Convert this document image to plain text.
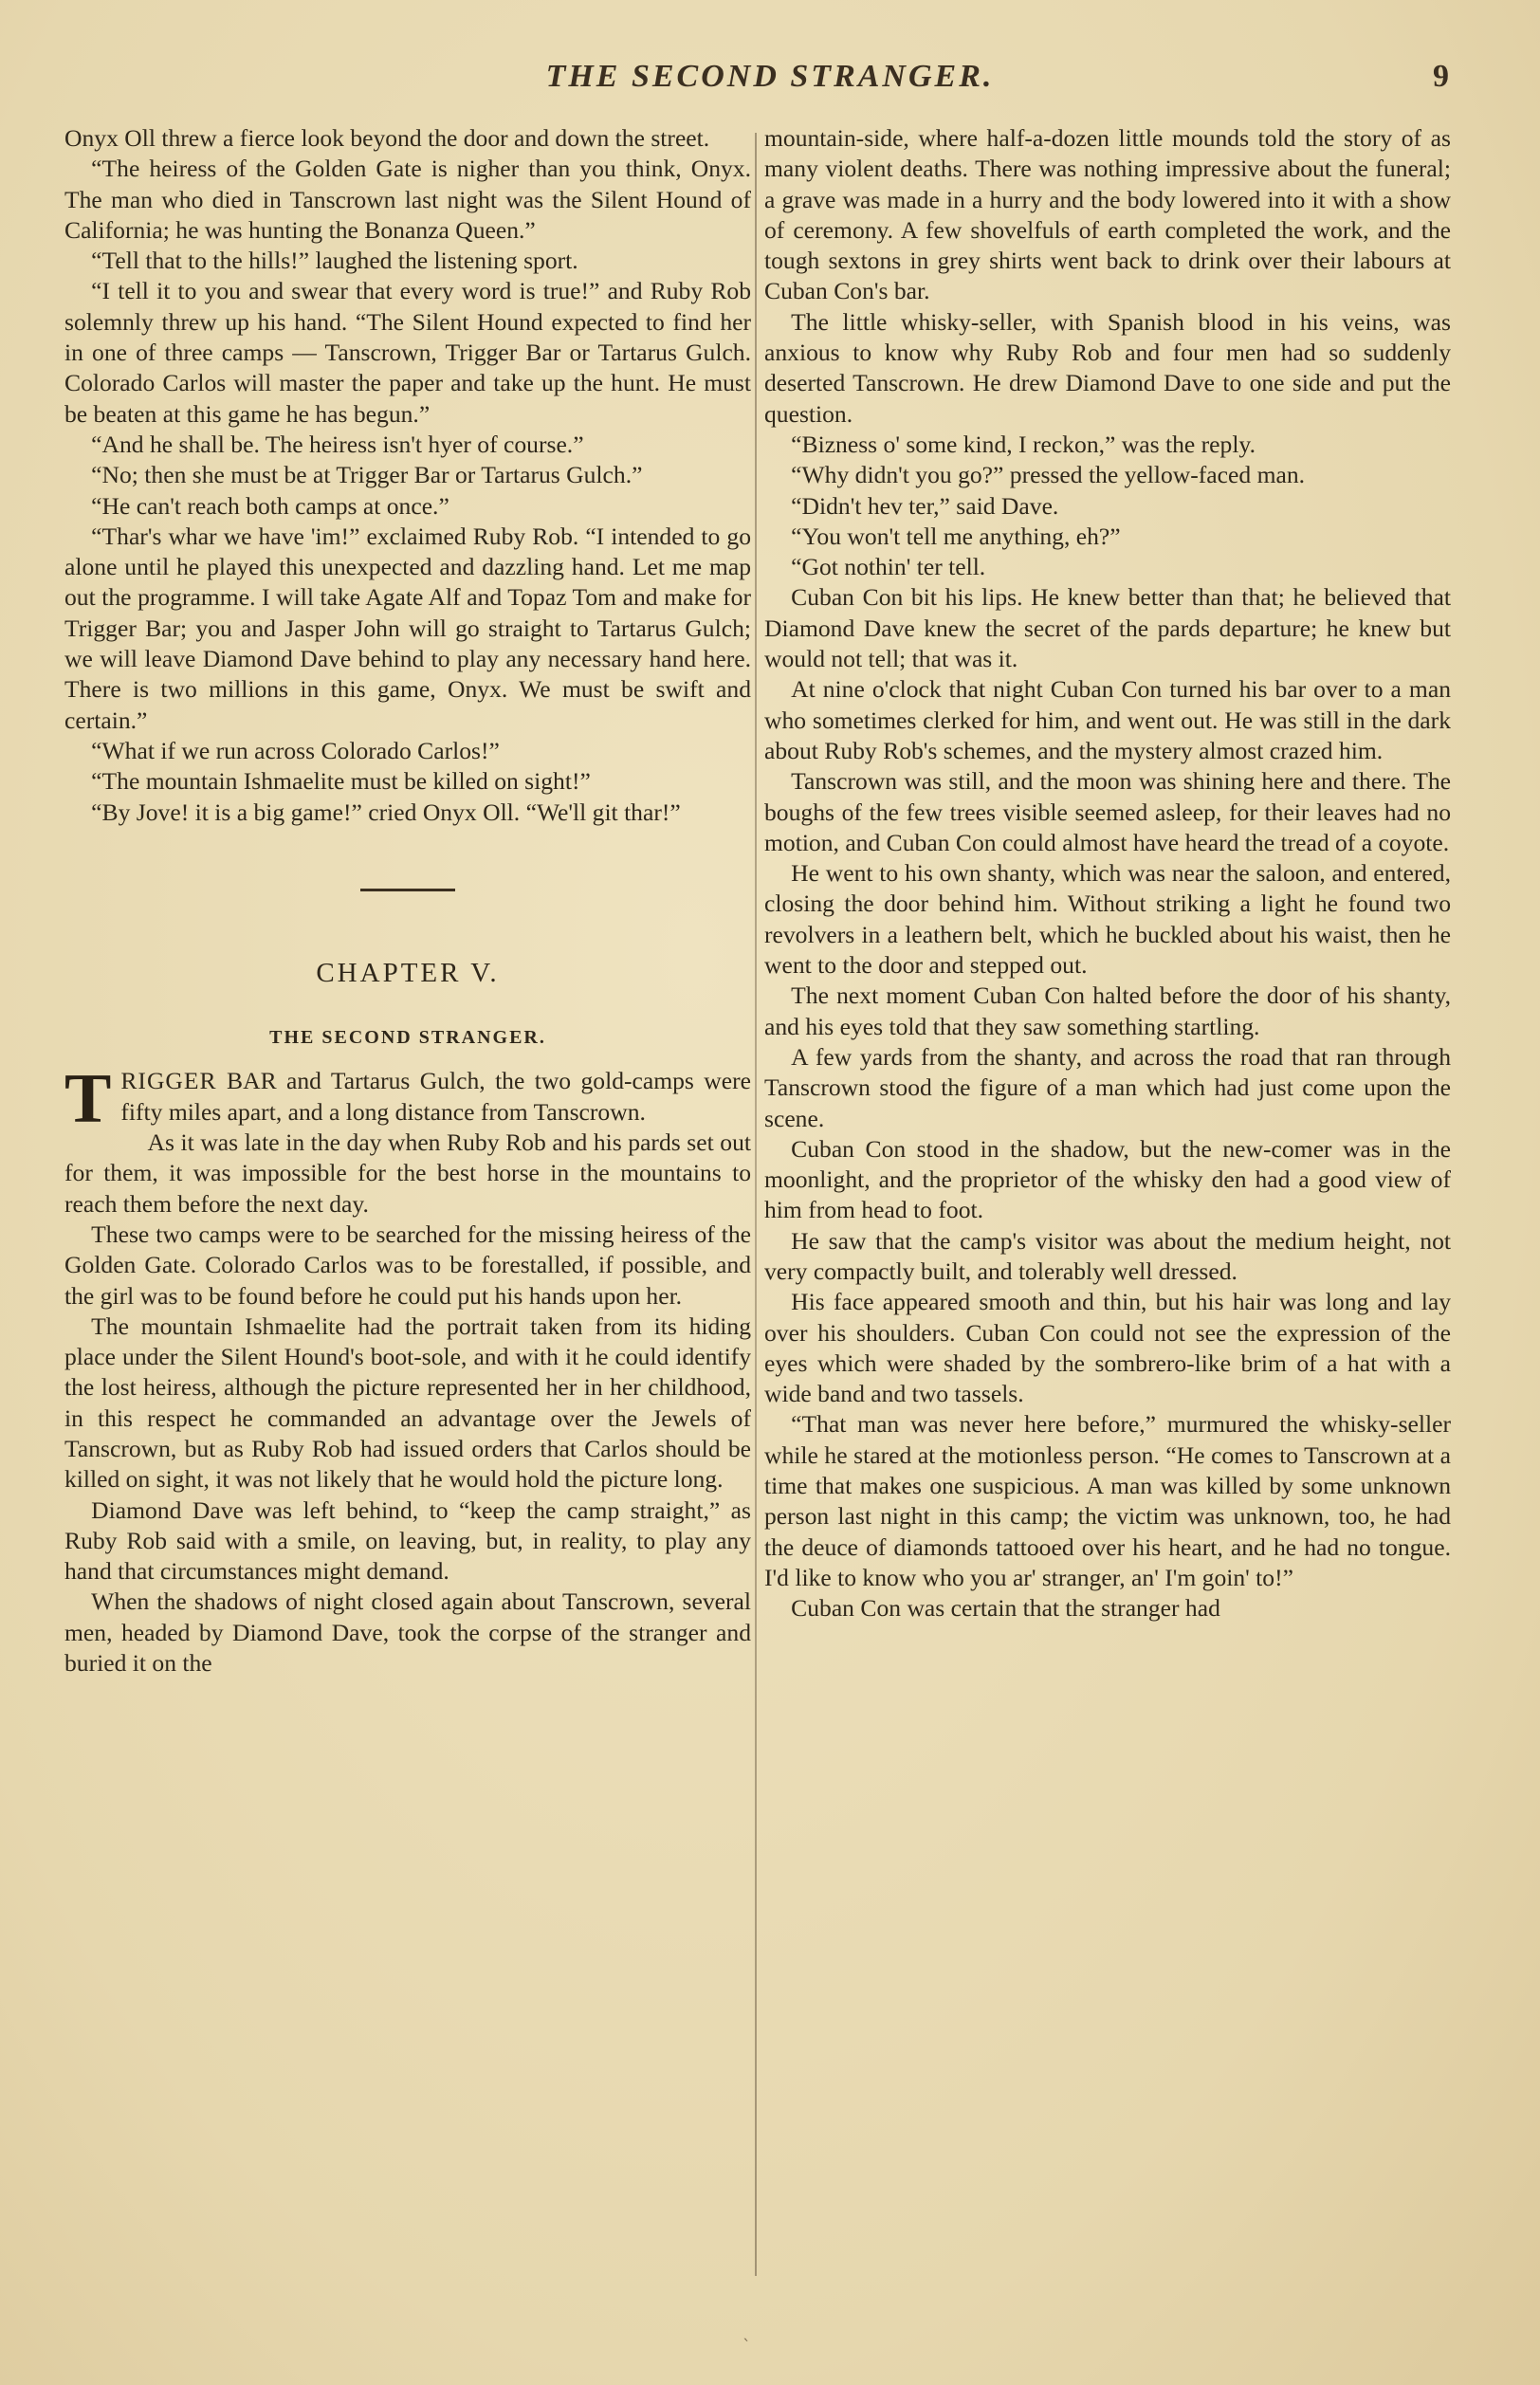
THE SECOND STRANGER.	9

Onyx Oll threw a fierce look beyond the door and down the street.

“The heiress of the Golden Gate is nigher than you think, Onyx. The man who died in Tanscrown last night was the Silent Hound of California; he was hunting the Bonanza Queen.”

“Tell that to the hills!” laughed the listening sport.

“I tell it to you and swear that every word is true!” and Ruby Rob solemnly threw up his hand. “The Silent Hound expected to find her in one of three camps — Tanscrown, Trigger Bar or Tartarus Gulch. Colorado Carlos will master the paper and take up the hunt. He must be beaten at this game he has begun.”

“And he shall be. The heiress isn't hyer of course.”

“No; then she must be at Trigger Bar or Tartarus Gulch.”

“He can't reach both camps at once.”

“Thar's whar we have 'im!” exclaimed Ruby Rob. “I intended to go alone until he played this unexpected and dazzling hand. Let me map out the programme. I will take Agate Alf and Topaz Tom and make for Trigger Bar; you and Jasper John will go straight to Tartarus Gulch; we will leave Diamond Dave behind to play any necessary hand here. There is two millions in this game, Onyx. We must be swift and certain.”

“What if we run across Colorado Carlos!”

“The mountain Ishmaelite must be killed on sight!”

“By Jove! it is a big game!” cried Onyx Oll. “We'll git thar!”

CHAPTER V.
THE SECOND STRANGER.

TRIGGER BAR and Tartarus Gulch, the two gold-camps were fifty miles apart, and a long distance from Tanscrown.

As it was late in the day when Ruby Rob and his pards set out for them, it was impossible for the best horse in the mountains to reach them before the next day.

These two camps were to be searched for the missing heiress of the Golden Gate. Colorado Carlos was to be forestalled, if possible, and the girl was to be found before he could put his hands upon her.

The mountain Ishmaelite had the portrait taken from its hiding place under the Silent Hound's boot-sole, and with it he could identify the lost heiress, although the picture represented her in her childhood, in this respect he commanded an advantage over the Jewels of Tanscrown, but as Ruby Rob had issued orders that Carlos should be killed on sight, it was not likely that he would hold the picture long.

Diamond Dave was left behind, to “keep the camp straight,” as Ruby Rob said with a smile, on leaving, but, in reality, to play any hand that circumstances might demand.

When the shadows of night closed again about Tanscrown, several men, headed by Diamond Dave, took the corpse of the stranger and buried it on the

mountain-side, where half-a-dozen little mounds told the story of as many violent deaths. There was nothing impressive about the funeral; a grave was made in a hurry and the body lowered into it with a show of ceremony. A few shovelfuls of earth completed the work, and the tough sextons in grey shirts went back to drink over their labours at Cuban Con's bar.

The little whisky-seller, with Spanish blood in his veins, was anxious to know why Ruby Rob and four men had so suddenly deserted Tanscrown. He drew Diamond Dave to one side and put the question.

“Bizness o' some kind, I reckon,” was the reply.

“Why didn't you go?” pressed the yellow-faced man.

“Didn't hev ter,” said Dave.

“You won't tell me anything, eh?”

“Got nothin' ter tell.

Cuban Con bit his lips. He knew better than that; he believed that Diamond Dave knew the secret of the pards departure; he knew but would not tell; that was it.

At nine o'clock that night Cuban Con turned his bar over to a man who sometimes clerked for him, and went out. He was still in the dark about Ruby Rob's schemes, and the mystery almost crazed him.

Tanscrown was still, and the moon was shining here and there. The boughs of the few trees visible seemed asleep, for their leaves had no motion, and Cuban Con could almost have heard the tread of a coyote.

He went to his own shanty, which was near the saloon, and entered, closing the door behind him. Without striking a light he found two revolvers in a leathern belt, which he buckled about his waist, then he went to the door and stepped out.

The next moment Cuban Con halted before the door of his shanty, and his eyes told that they saw something startling.

A few yards from the shanty, and across the road that ran through Tanscrown stood the figure of a man which had just come upon the scene.

Cuban Con stood in the shadow, but the new-comer was in the moonlight, and the proprietor of the whisky den had a good view of him from head to foot.

He saw that the camp's visitor was about the medium height, not very compactly built, and tolerably well dressed.

His face appeared smooth and thin, but his hair was long and lay over his shoulders. Cuban Con could not see the expression of the eyes which were shaded by the sombrero-like brim of a hat with a wide band and two tassels.

“That man was never here before,” murmured the whisky-seller while he stared at the motionless person. “He comes to Tanscrown at a time that makes one suspicious. A man was killed by some unknown person last night in this camp; the victim was unknown, too, he had the deuce of diamonds tattooed over his heart, and he had no tongue. I'd like to know who you ar' stranger, an' I'm goin' to!”

Cuban Con was certain that the stranger had

`
